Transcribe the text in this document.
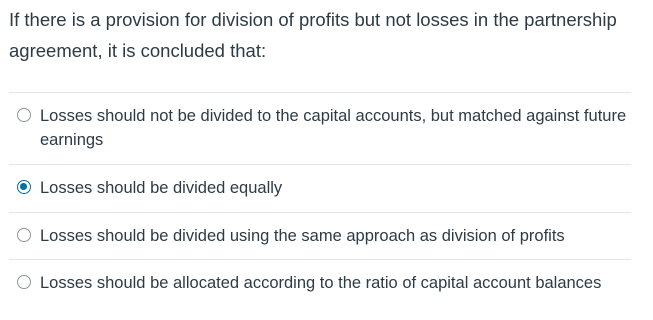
If there is a provision for division of profits but not losses in the partnership agreement, it is concluded that:
Losses should not be divided to the capital accounts, but matched against future earnings
Losses should be divided equally
Losses should be divided using the same approach as division of profits
Losses should be allocated according to the ratio of capital account balances
